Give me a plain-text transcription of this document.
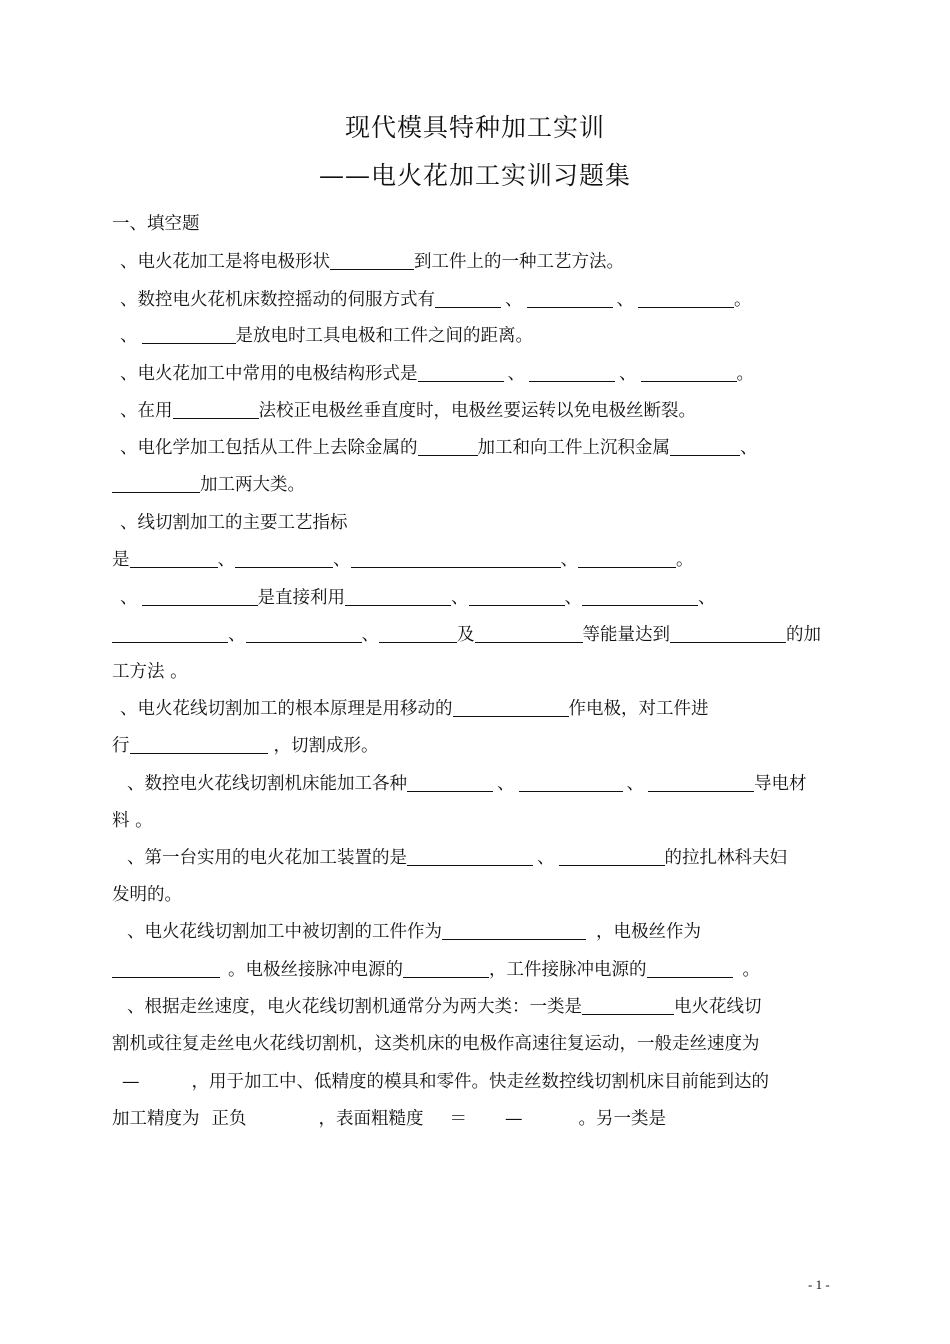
现代模具特种加工实训
——电火花加工实训习题集
一、填空题
、电火花加工是将电极形状	到工件上的一种工艺方法。
、数控电火花机床数控摇动的伺服方式有	、	、	。
、	是放电时工具电极和工件之间的距离。
、电火花加工中常用的电极结构形式是	、	、	。
、在用	法校正电极丝垂直度时，电极丝要运转以免电极丝断裂。
、电化学加工包括从工件上去除金属的	加工和向工件上沉积金属	、
加工两大类。
、线切割加工的主要工艺指标
是	、	、	、	。
、	是直接利用	、	、	、
、	、	及	等能量达到	的加
工方法 。
、电火花线切割加工的根本原理是用移动的	作电极，对工件进
行	，切割成形。
、数控电火花线切割机床能加工各种	、	、	导电材
料 。
、第一台实用的电火花加工装置的是	、	的拉扎林科夫妇
发明的。
、电火花线切割加工中被切割的工件作为	，电极丝作为
。电极丝接脉冲电源的	，工件接脉冲电源的	。
、根据走丝速度，电火花线切割机通常分为两大类：一类是	电火花线切
割机或往复走丝电火花线切割机，这类机床的电极作高速往复运动，一般走丝速度为
—	，用于加工中、低精度的模具和零件。快走丝数控线切割机床目前能到达的
加工精度为 正负	，表面粗糙度 ＝ —	。另一类是
- 1 -
